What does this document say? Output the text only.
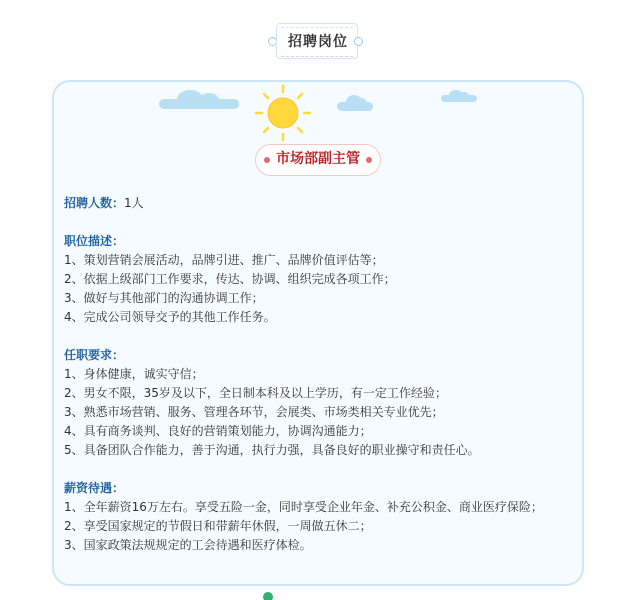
招聘岗位
市场部副主管
招聘人数：1人
职位描述：
1、策划营销会展活动，品牌引进、推广、品牌价值评估等；
2、依据上级部门工作要求，传达、协调、组织完成各项工作；
3、做好与其他部门的沟通协调工作；
4、完成公司领导交予的其他工作任务。
任职要求：
1、身体健康，诚实守信；
2、男女不限，35岁及以下，全日制本科及以上学历，有一定工作经验；
3、熟悉市场营销、服务、管理各环节，会展类、市场类相关专业优先；
4、具有商务谈判、良好的营销策划能力，协调沟通能力；
5、具备团队合作能力，善于沟通，执行力强，具备良好的职业操守和责任心。
薪资待遇：
1、全年薪资16万左右。享受五险一金，同时享受企业年金、补充公积金、商业医疗保险；
2、享受国家规定的节假日和带薪年休假，一周做五休二；
3、国家政策法规规定的工会待遇和医疗体检。
